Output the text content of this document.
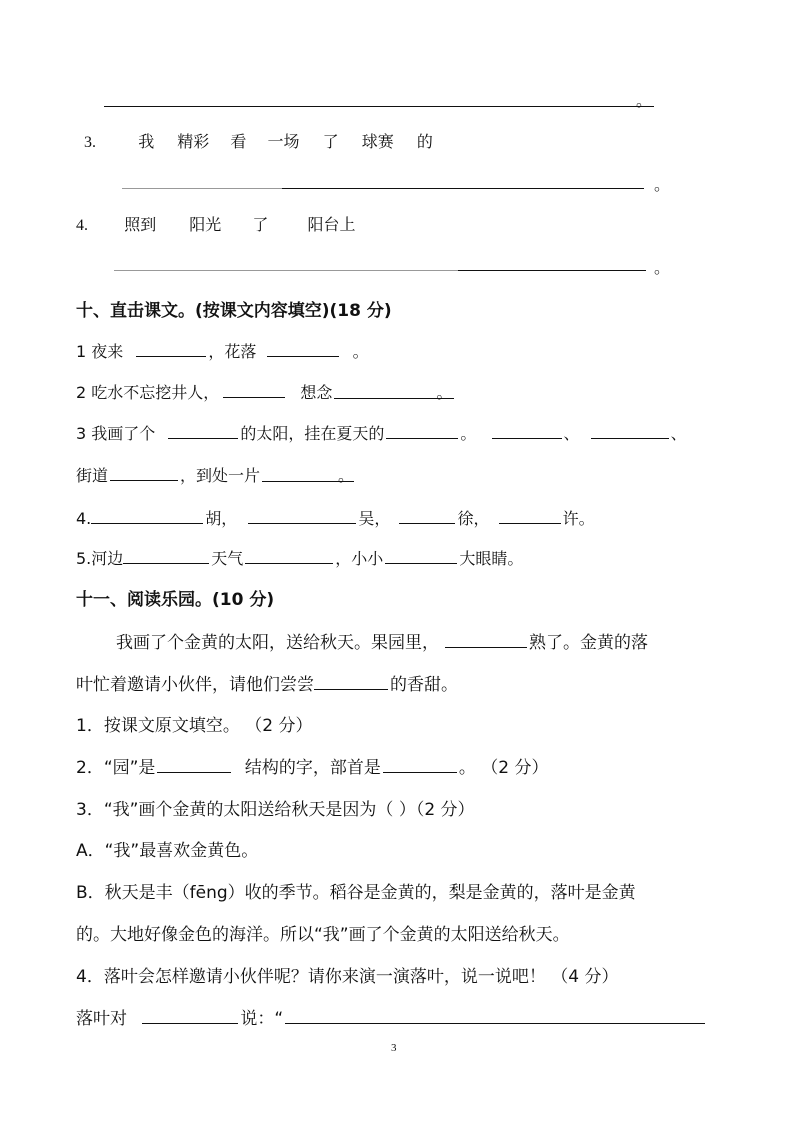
。
3.	我 精彩 看 一场 了 球赛 的
。
4. 照到 阳光 了 阳台上
。
十、直击课文。(按课文内容填空)(18 分)
1 夜来	，花落	。
2 吃水不忘挖井人，	想念	。
3 我画了个	的太阳，挂在夏天的	。	、	、
街道	，到处一片	。
4.	胡，	吴，	徐，	许。
5.河边	天气	，小小	大眼睛。
十一、阅读乐园。(10 分)
我画了个金黄的太阳，送给秋天。果园里，	熟了。金黄的落
叶忙着邀请小伙伴，请他们尝尝	的香甜。
1．按课文原文填空。 （2 分）
2．“园”是	结构的字，部首是	。 （2 分）
3．“我”画个金黄的太阳送给秋天是因为（ ）（2 分）
A．“我”最喜欢金黄色。
B．秋天是丰（fēng）收的季节。稻谷是金黄的，梨是金黄的，落叶是金黄
的。大地好像金色的海洋。所以“我”画了个金黄的太阳送给秋天。
4．落叶会怎样邀请小伙伴呢？请你来演一演落叶，说一说吧！ （4 分）
落叶对	说：“
3
